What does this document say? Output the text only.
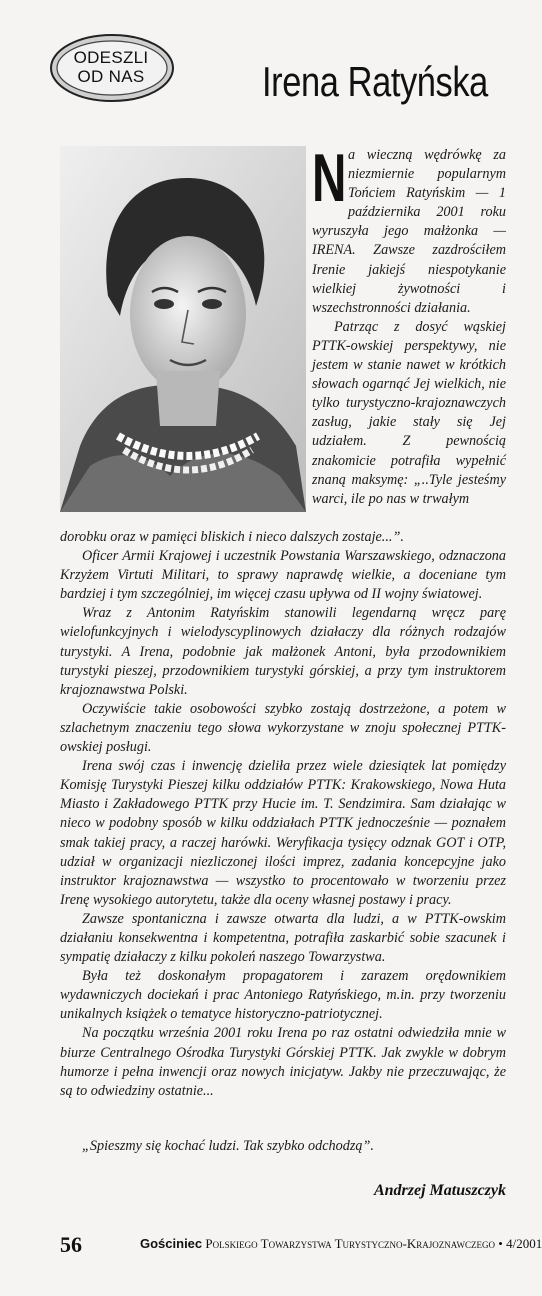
ODESZLI
OD NAS	Irena Ratyńska

Na wieczną wędrówkę za niezmiernie popularnym Tońciem Ratyńskim — 1 października 2001 roku wyruszyła jego małżonka — IRENA. Zawsze zazdrościłem Irenie jakiejś niespotykanie wielkiej żywotności i wszechstronności działania.

Patrząc z dosyć wąskiej PTTK-owskiej perspektywy, nie jestem w stanie nawet w krótkich słowach ogarnąć Jej wielkich, nie tylko turystyczno-krajoznawczych zasług, jakie stały się Jej udziałem. Z pewnością znakomicie potrafiła wypełnić znaną maksymę: „..Tyle jesteśmy warci, ile po nas w trwałym

dorobku oraz w pamięci bliskich i nieco dalszych zostaje...”.

Oficer Armii Krajowej i uczestnik Powstania Warszawskiego, odznaczona Krzyżem Virtuti Militari, to sprawy naprawdę wielkie, a doceniane tym bardziej i tym szczególniej, im więcej czasu upływa od II wojny światowej.

Wraz z Antonim Ratyńskim stanowili legendarną wręcz parę wielofunkcyjnych i wielodyscyplinowych działaczy dla różnych rodzajów turystyki. A Irena, podobnie jak małżonek Antoni, była przodownikiem turystyki pieszej, przodownikiem turystyki górskiej, a przy tym instruktorem krajoznawstwa Polski.

Oczywiście takie osobowości szybko zostają dostrzeżone, a potem w szlachetnym znaczeniu tego słowa wykorzystane w znoju społecznej PTTK-owskiej posługi.

Irena swój czas i inwencję dzieliła przez wiele dziesiątek lat pomiędzy Komisję Turystyki Pieszej kilku oddziałów PTTK: Krakowskiego, Nowa Huta Miasto i Zakładowego PTTK przy Hucie im. T. Sendzimira. Sam działając w nieco w podobny sposób w kilku oddziałach PTTK jednocześnie — poznałem smak takiej pracy, a raczej harówki. Weryfikacja tysięcy odznak GOT i OTP, udział w organizacji niezliczonej ilości imprez, zadania koncepcyjne jako instruktor krajoznawstwa — wszystko to procentowało w tworzeniu przez Irenę wysokiego autorytetu, także dla oceny własnej postawy i pracy.

Zawsze spontaniczna i zawsze otwarta dla ludzi, a w PTTK-owskim działaniu konsekwentna i kompetentna, potrafiła zaskarbić sobie szacunek i sympatię działaczy z kilku pokoleń naszego Towarzystwa.

Była też doskonałym propagatorem i zarazem orędownikiem wydawniczych dociekań i prac Antoniego Ratyńskiego, m.in. przy tworzeniu unikalnych książek o tematyce historyczno-patriotycznej.

Na początku września 2001 roku Irena po raz ostatni odwiedziła mnie w biurze Centralnego Ośrodka Turystyki Górskiej PTTK. Jak zwykle w dobrym humorze i pełna inwencji oraz nowych inicjatyw. Jakby nie przeczuwając, że są to odwiedziny ostatnie...

„Spieszmy się kochać ludzi. Tak szybko odchodzą”.
Andrzej Matuszczyk
56	Gościniec Polskiego Towarzystwa Turystyczno-Krajoznawczego • 4/2001
